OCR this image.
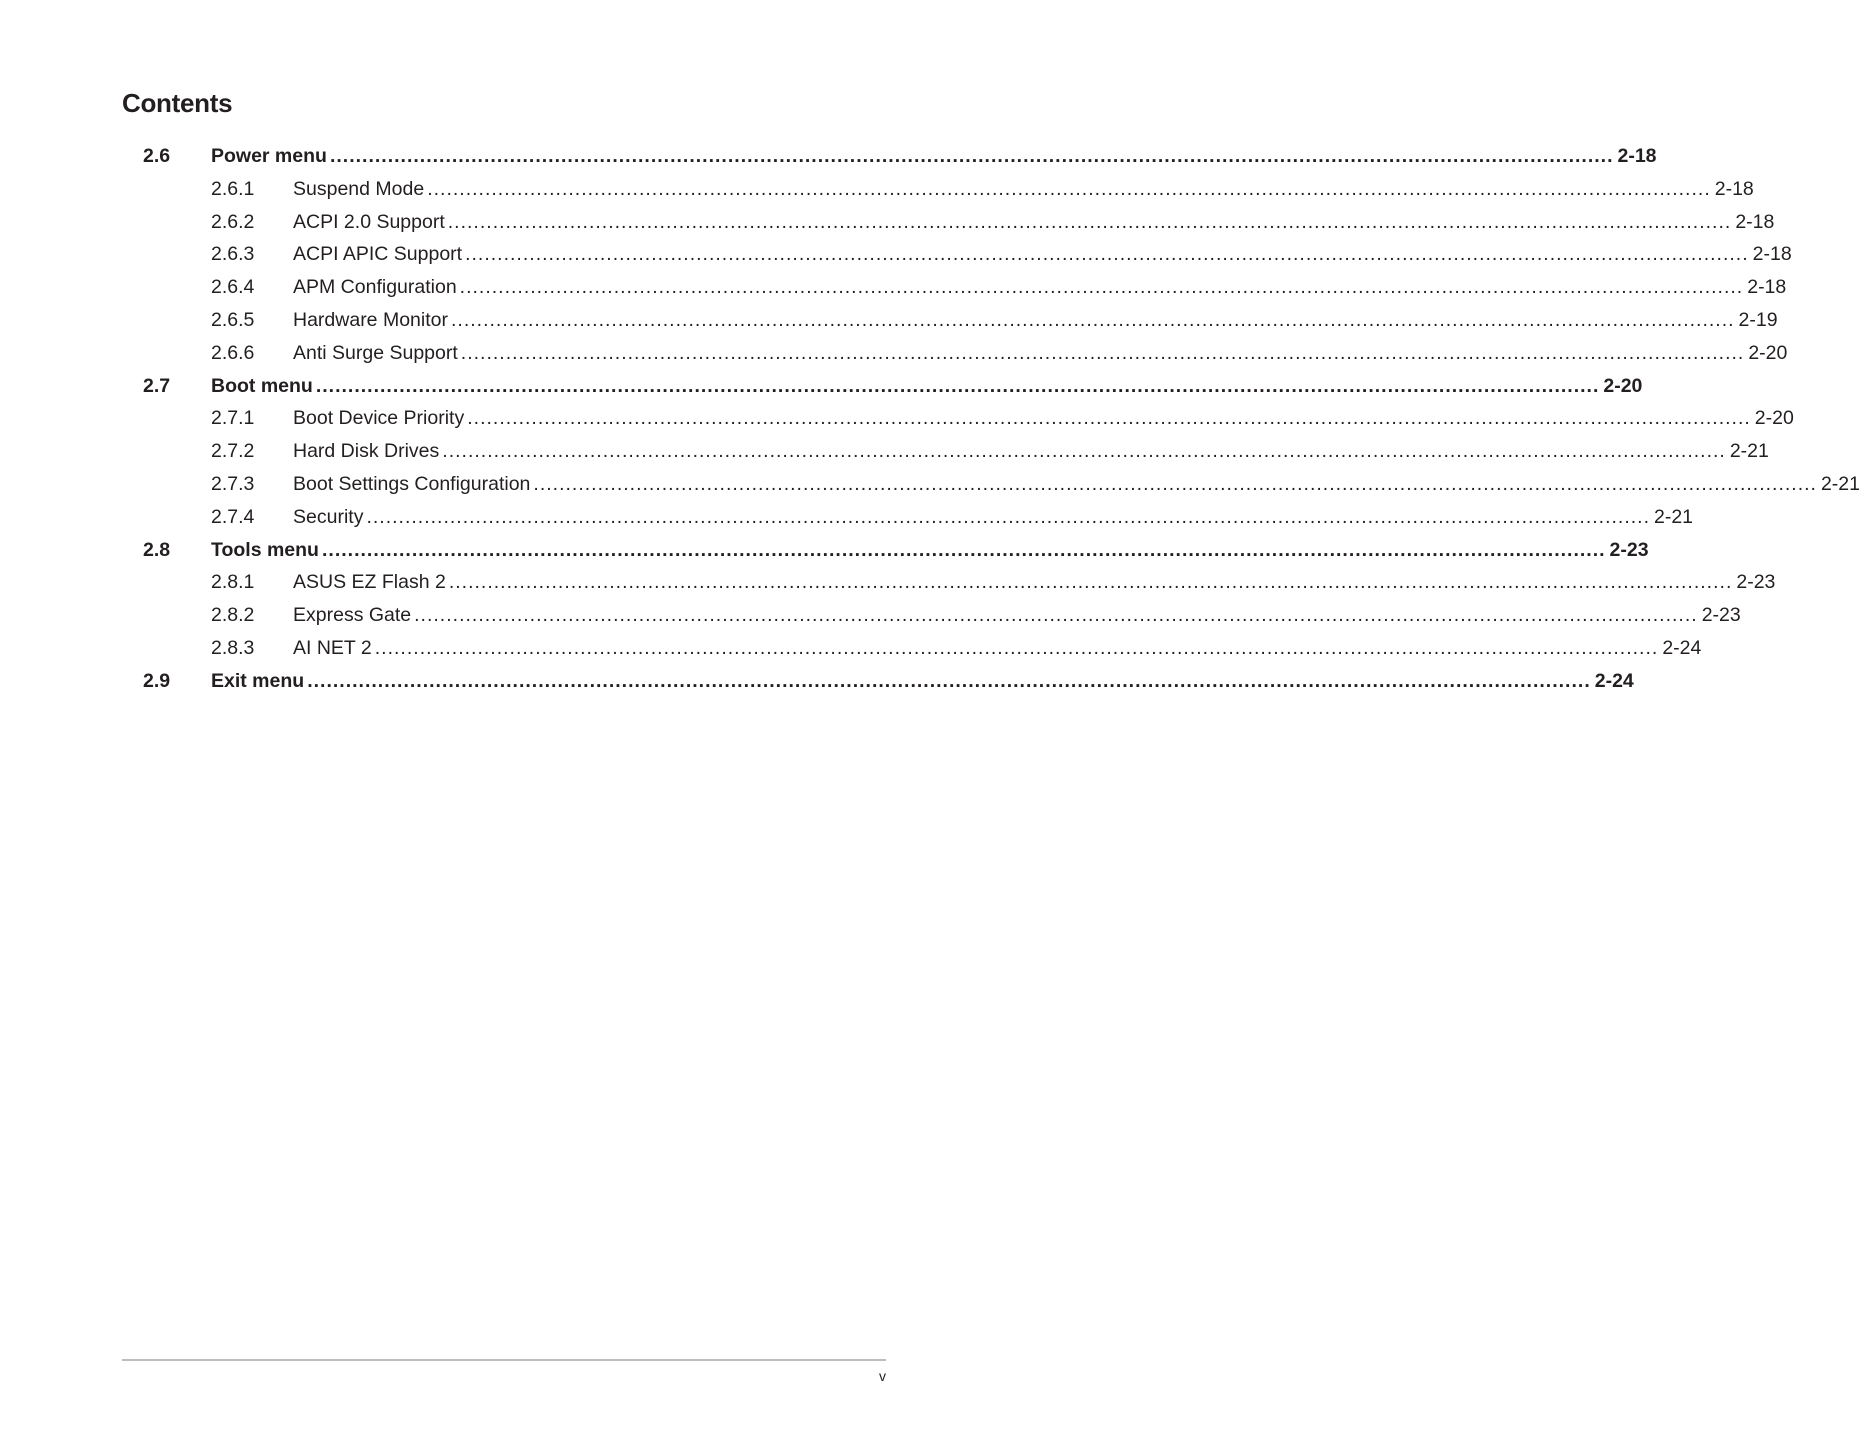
Contents
2.6 Power menu ........................................................................................................................................................................................................ 2-18
2.6.1 Suspend Mode ........................................................................................................................................................................................................ 2-18
2.6.2 ACPI 2.0 Support ........................................................................................................................................................................................................ 2-18
2.6.3 ACPI APIC Support ........................................................................................................................................................................................................ 2-18
2.6.4 APM Configuration ........................................................................................................................................................................................................ 2-18
2.6.5 Hardware Monitor ........................................................................................................................................................................................................ 2-19
2.6.6 Anti Surge Support ........................................................................................................................................................................................................ 2-20
2.7 Boot menu ........................................................................................................................................................................................................ 2-20
2.7.1 Boot Device Priority ........................................................................................................................................................................................................ 2-20
2.7.2 Hard Disk Drives ........................................................................................................................................................................................................ 2-21
2.7.3 Boot Settings Configuration ........................................................................................................................................................................................................ 2-21
2.7.4 Security ........................................................................................................................................................................................................ 2-21
2.8 Tools menu ........................................................................................................................................................................................................ 2-23
2.8.1 ASUS EZ Flash 2 ........................................................................................................................................................................................................ 2-23
2.8.2 Express Gate ........................................................................................................................................................................................................ 2-23
2.8.3 AI NET 2 ........................................................................................................................................................................................................ 2-24
2.9 Exit menu ........................................................................................................................................................................................................ 2-24
v
